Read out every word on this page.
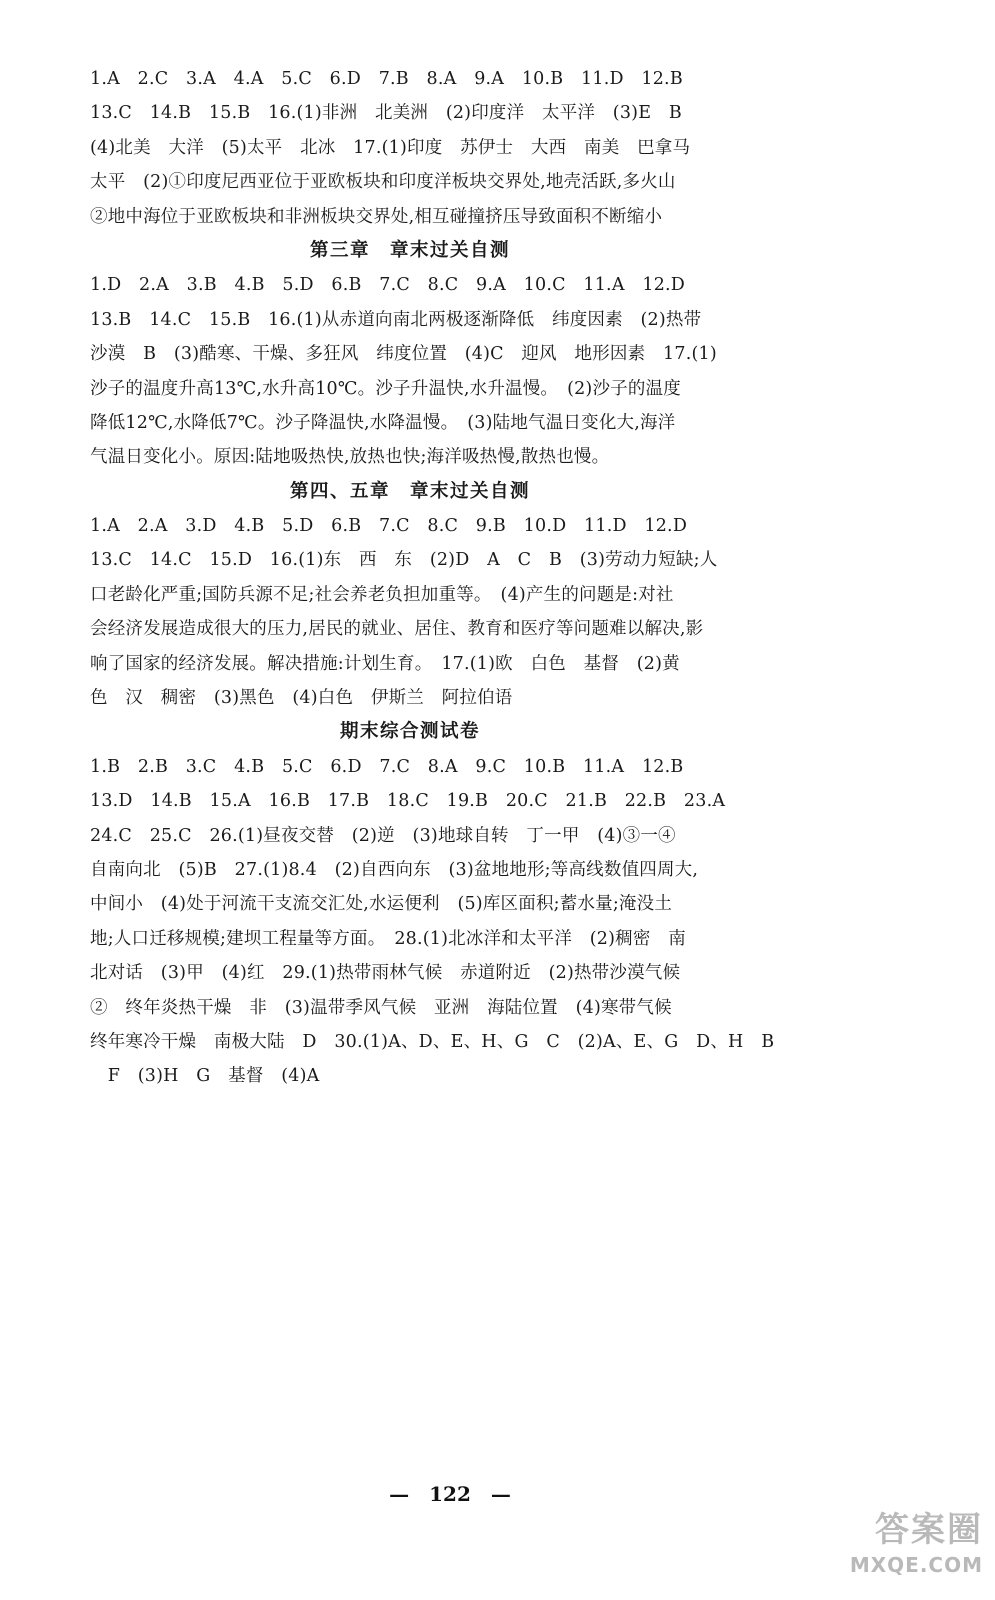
1.A　2.C　3.A　4.A　5.C　6.D　7.B　8.A　9.A　10.B　11.D　12.B
13.C　14.B　15.B　16.(1)非洲　北美洲　(2)印度洋　太平洋　(3)E　B
(4)北美　大洋　(5)太平　北冰　17.(1)印度　苏伊士　大西　南美　巴拿马
太平　(2)①印度尼西亚位于亚欧板块和印度洋板块交界处,地壳活跃,多火山
②地中海位于亚欧板块和非洲板块交界处,相互碰撞挤压导致面积不断缩小
第三章　章末过关自测
1.D　2.A　3.B　4.B　5.D　6.B　7.C　8.C　9.A　10.C　11.A　12.D
13.B　14.C　15.B　16.(1)从赤道向南北两极逐渐降低　纬度因素　(2)热带
沙漠　B　(3)酷寒、干燥、多狂风　纬度位置　(4)C　迎风　地形因素　17.(1)
沙子的温度升高13℃,水升高10℃。沙子升温快,水升温慢。　(2)沙子的温度
降低12℃,水降低7℃。沙子降温快,水降温慢。　(3)陆地气温日变化大,海洋
气温日变化小。原因:陆地吸热快,放热也快;海洋吸热慢,散热也慢。
第四、五章　章末过关自测
1.A　2.A　3.D　4.B　5.D　6.B　7.C　8.C　9.B　10.D　11.D　12.D
13.C　14.C　15.D　16.(1)东　西　东　(2)D　A　C　B　(3)劳动力短缺;人
口老龄化严重;国防兵源不足;社会养老负担加重等。　(4)产生的问题是:对社
会经济发展造成很大的压力,居民的就业、居住、教育和医疗等问题难以解决,影
响了国家的经济发展。解决措施:计划生育。　17.(1)欧　白色　基督　(2)黄
色　汉　稠密　(3)黑色　(4)白色　伊斯兰　阿拉伯语
期末综合测试卷
1.B　2.B　3.C　4.B　5.C　6.D　7.C　8.A　9.C　10.B　11.A　12.B
13.D　14.B　15.A　16.B　17.B　18.C　19.B　20.C　21.B　22.B　23.A
24.C　25.C　26.(1)昼夜交替　(2)逆　(3)地球自转　丁一甲　(4)③一④
自南向北　(5)B　27.(1)8.4　(2)自西向东　(3)盆地地形;等高线数值四周大,
中间小　(4)处于河流干支流交汇处,水运便利　(5)库区面积;蓄水量;淹没土
地;人口迁移规模;建坝工程量等方面。　28.(1)北冰洋和太平洋　(2)稠密　南
北对话　(3)甲　(4)红　29.(1)热带雨林气候　赤道附近　(2)热带沙漠气候
②　终年炎热干燥　非　(3)温带季风气候　亚洲　海陆位置　(4)寒带气候
终年寒冷干燥　南极大陆　D　30.(1)A、D、E、H、G　C　(2)A、E、G　D、H　B
　F　(3)H　G　基督　(4)A
—　122　—
答案圈
MXQE.COM
